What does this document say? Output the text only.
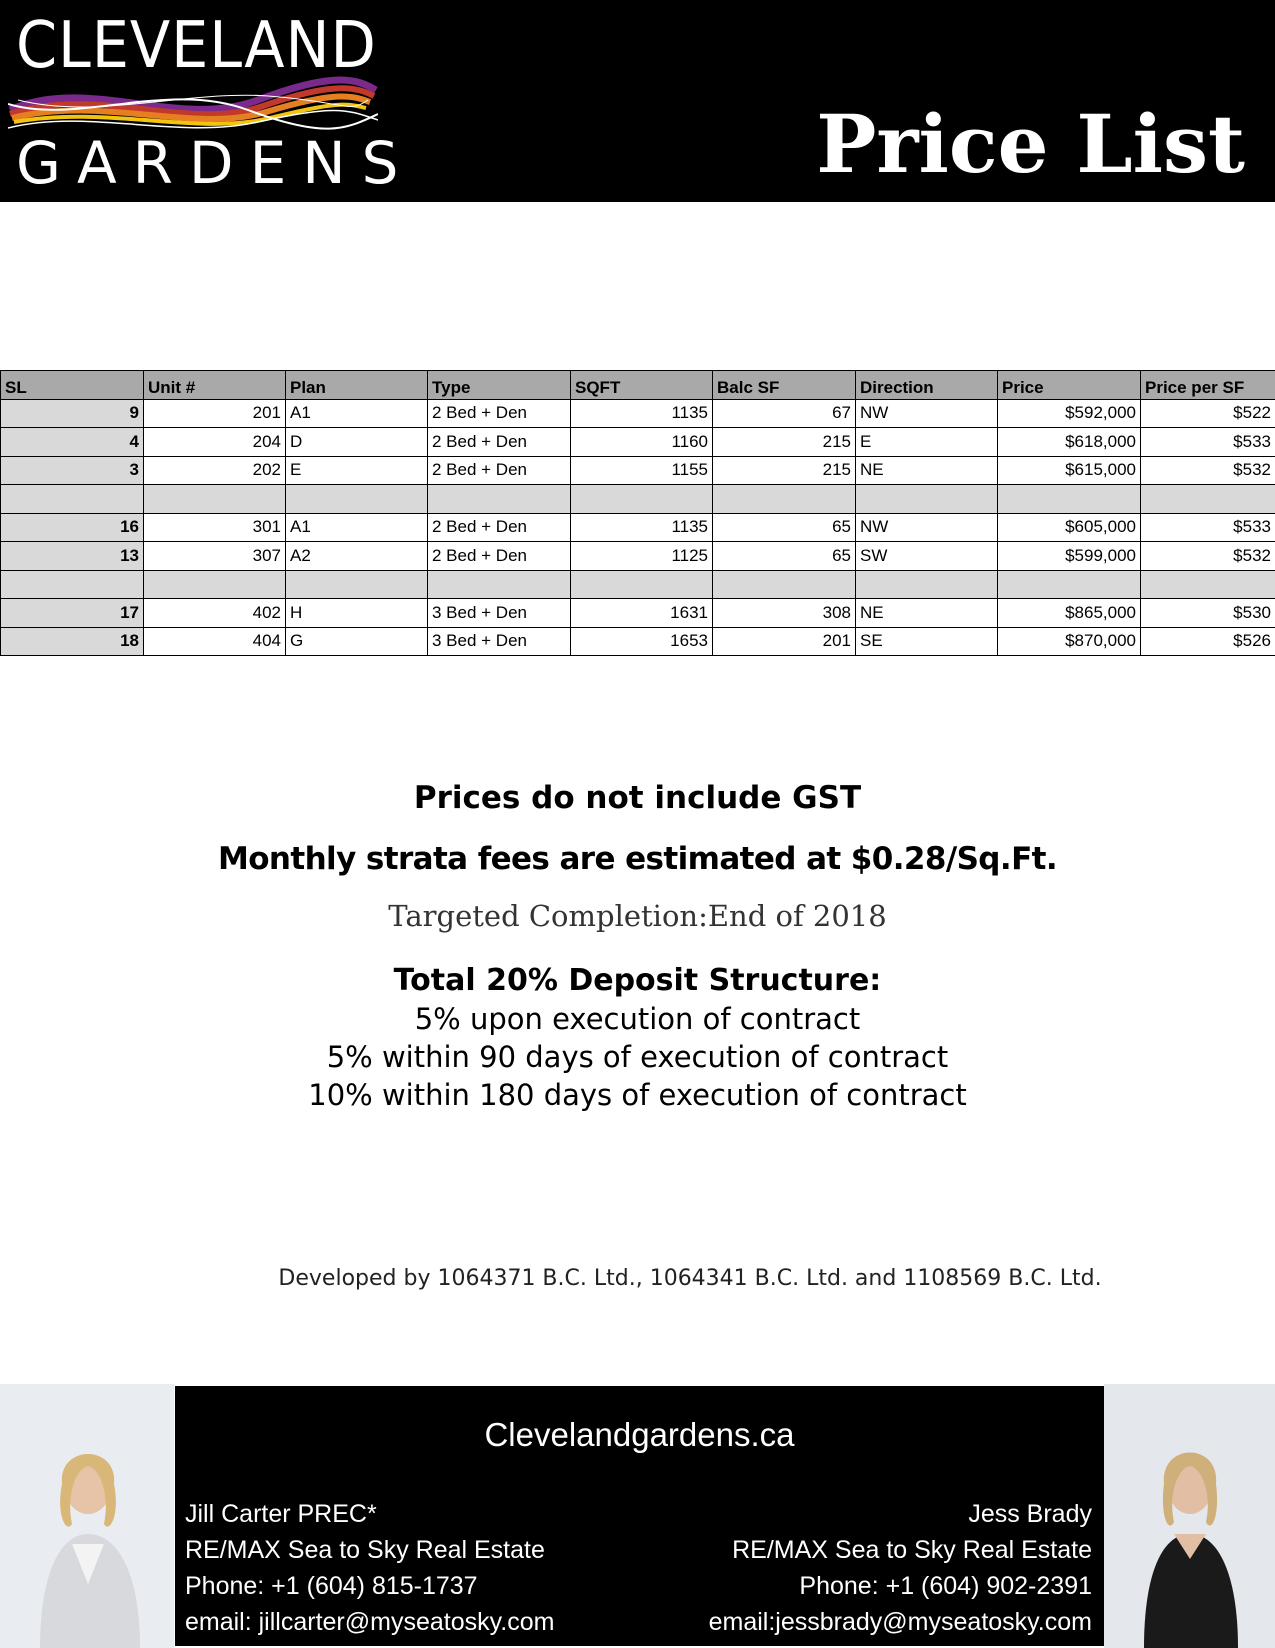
CLEVELAND
GARDENS	Price List
SL	Unit #	Plan	Type	SQFT	Balc SF	Direction	Price	Price per SF
9	201	A1	2 Bed + Den	1135	67	NW	$592,000	$522
4	204	D	2 Bed + Den	1160	215	E	$618,000	$533
3	202	E	2 Bed + Den	1155	215	NE	$615,000	$532

16	301	A1	2 Bed + Den	1135	65	NW	$605,000	$533
13	307	A2	2 Bed + Den	1125	65	SW	$599,000	$532

17	402	H	3 Bed + Den	1631	308	NE	$865,000	$530
18	404	G	3 Bed + Den	1653	201	SE	$870,000	$526
Prices do not include GST
Monthly strata fees are estimated at $0.28/Sq.Ft.
Targeted Completion:End of 2018
Total 20% Deposit Structure:
5% upon execution of contract
5% within 90 days of execution of contract
10% within 180 days of execution of contract
Developed by 1064371 B.C. Ltd., 1064341 B.C. Ltd. and 1108569 B.C. Ltd.
Clevelandgardens.ca
Jill Carter PREC*
RE/MAX Sea to Sky Real Estate
Phone: +1 (604) 815-1737
email: jillcarter@myseatosky.com
Jess Brady
RE/MAX Sea to Sky Real Estate
Phone: +1 (604) 902-2391
email:jessbrady@myseatosky.com
